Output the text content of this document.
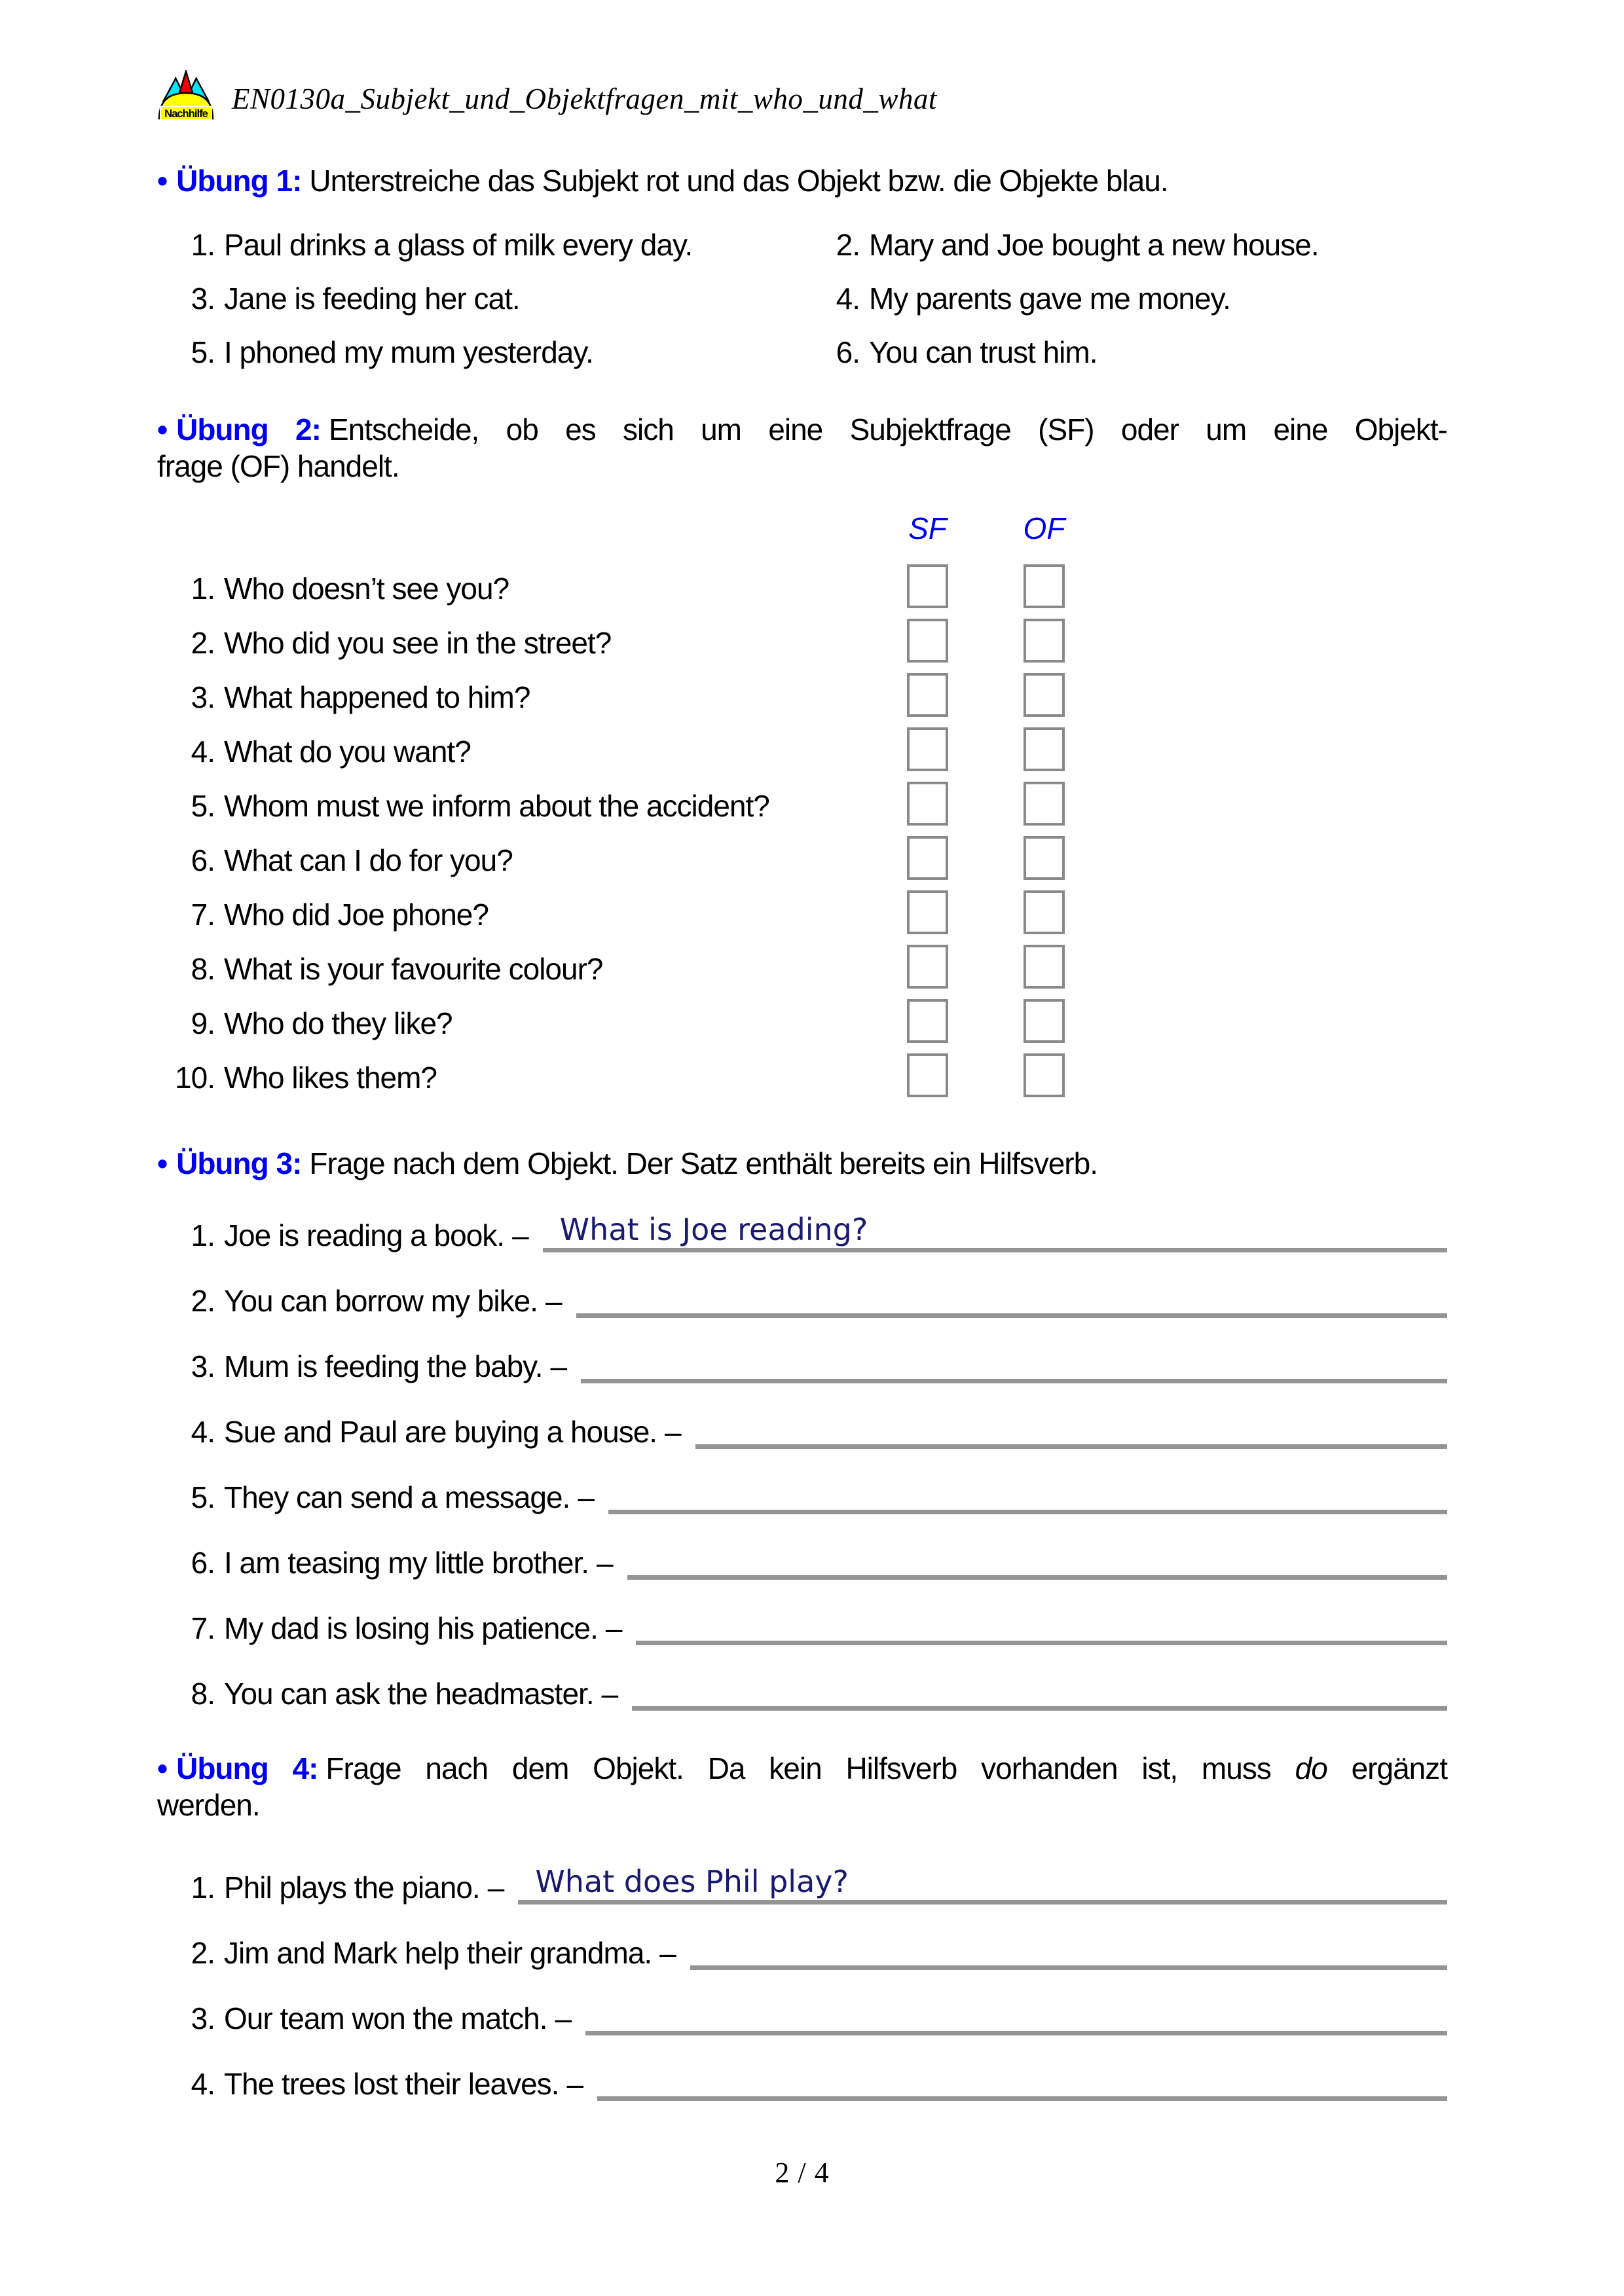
Nachhilfe EN0130a_Subjekt_und_Objektfragen_mit_who_und_what

• Übung 1: Unterstreiche das Subjekt rot und das Objekt bzw. die Objekte blau.

1. Paul drinks a glass of milk every day.	2. Mary and Joe bought a new house.
3. Jane is feeding her cat.	4. My parents gave me money.
5. I phoned my mum yesterday.	6. You can trust him.
• Übung 2: Entscheide, ob es sich um eine Subjektfrage (SF) oder um eine Objekt-
frage (OF) handelt.
SF	OF
1. Who doesn’t see you?
2. Who did you see in the street?
3. What happened to him?
4. What do you want?
5. Whom must we inform about the accident?
6. What can I do for you?
7. Who did Joe phone?
8. What is your favourite colour?
9. Who do they like?
10. Who likes them?

• Übung 3: Frage nach dem Objekt. Der Satz enthält bereits ein Hilfsverb.

1. Joe is reading a book. –	What is Joe reading?
2. You can borrow my bike. –
3. Mum is feeding the baby. –
4. Sue and Paul are buying a house. –
5. They can send a message. –
6. I am teasing my little brother. –
7. My dad is losing his patience. –
8. You can ask the headmaster. –
• Übung 4: Frage nach dem Objekt. Da kein Hilfsverb vorhanden ist, muss do ergänzt
werden.
1. Phil plays the piano. –	What does Phil play?
2. Jim and Mark help their grandma. –
3. Our team won the match. –
4. The trees lost their leaves. –
2 / 4
